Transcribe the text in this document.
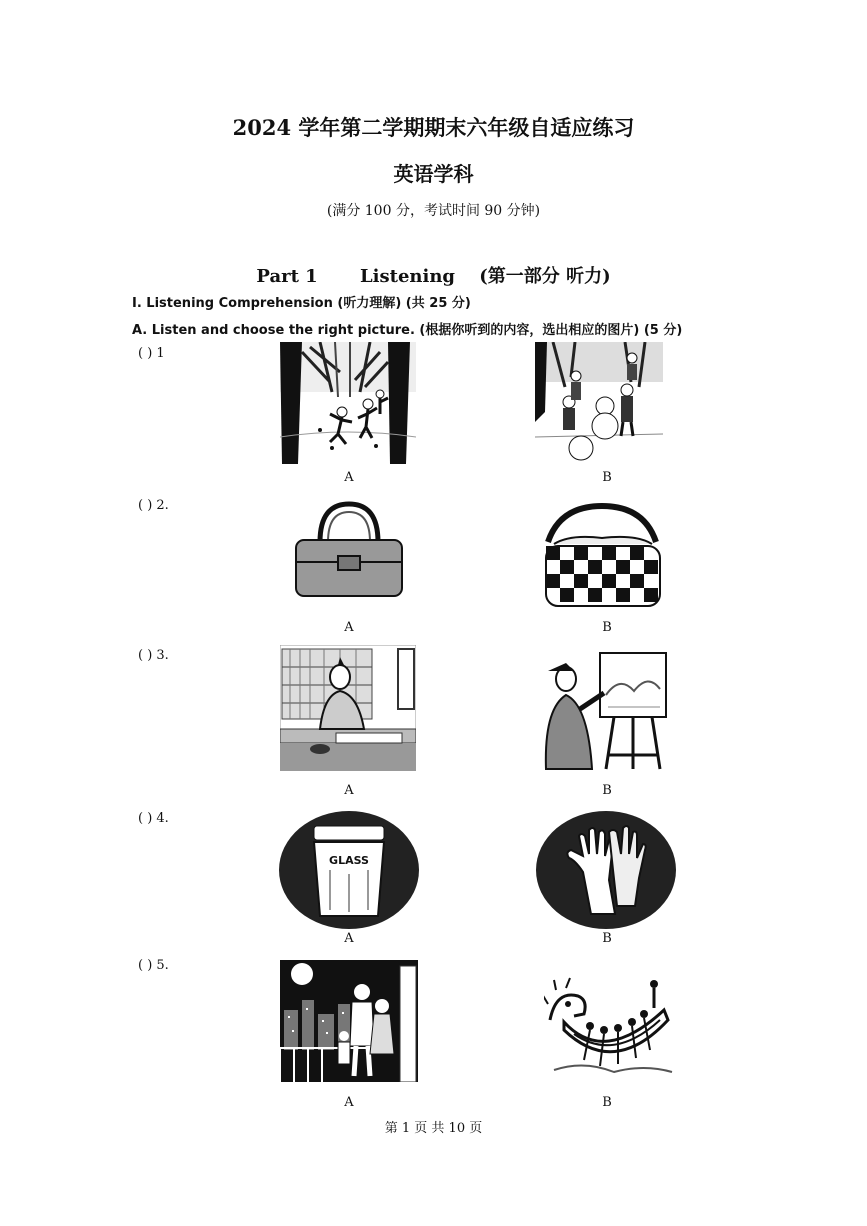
2024 学年第二学期期末六年级自适应练习
英语学科
(满分 100 分，考试时间 90 分钟)
Part 1 Listening (第一部分 听力)
I. Listening Comprehension (听力理解) (共 25 分)
A. Listen and choose the right picture. (根据你听到的内容，选出相应的图片) (5 分)
( ) 1
A	B
( ) 2.
A	B
( ) 3.
A	B
( ) 4.
GLASS
A	B
( ) 5.
A	B
第 1 页 共 10 页
